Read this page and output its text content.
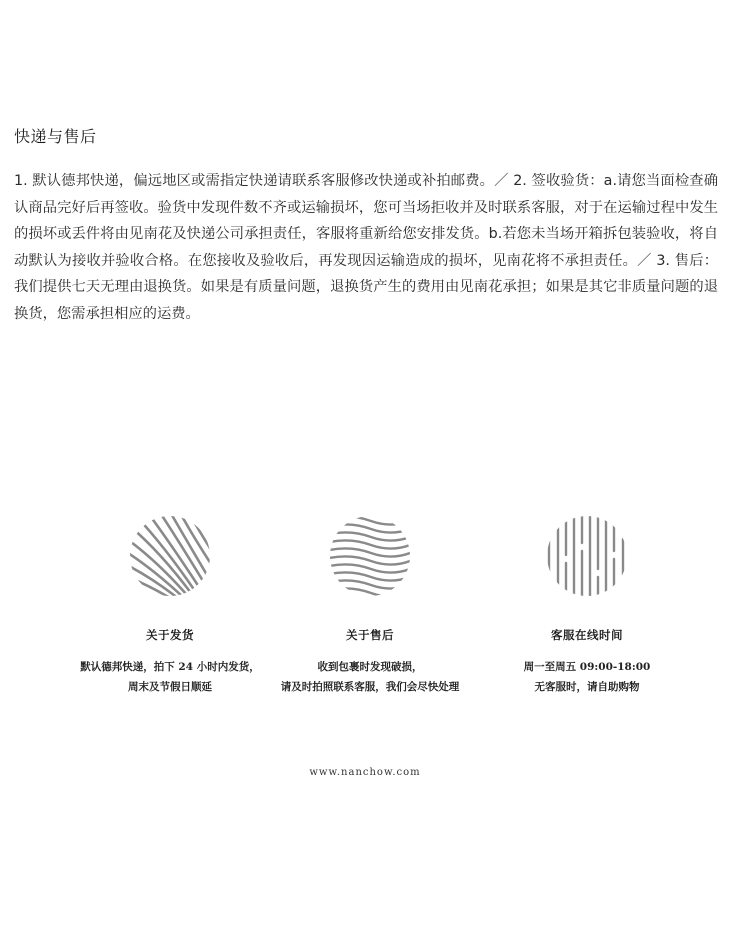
快递与售后

1. 默认德邦快递，偏远地区或需指定快递请联系客服修改快递或补拍邮费。／ 2. 签收验货：a.请您当面检查确认商品完好后再签收。验货中发现件数不齐或运输损坏，您可当场拒收并及时联系客服，对于在运输过程中发生的损坏或丢件将由见南花及快递公司承担责任，客服将重新给您安排发货。b.若您未当场开箱拆包装验收，将自动默认为接收并验收合格。在您接收及验收后，再发现因运输造成的损坏，见南花将不承担责任。／ 3. 售后：我们提供七天无理由退换货。如果是有质量问题，退换货产生的费用由见南花承担；如果是其它非质量问题的退换货，您需承担相应的运费。

关于发货
默认德邦快递，拍下 24 小时内发货，
周末及节假日顺延
关于售后
收到包裹时发现破损，
请及时拍照联系客服，我们会尽快处理
客服在线时间
周一至周五 09:00-18:00
无客服时，请自助购物
www.nanchow.com
